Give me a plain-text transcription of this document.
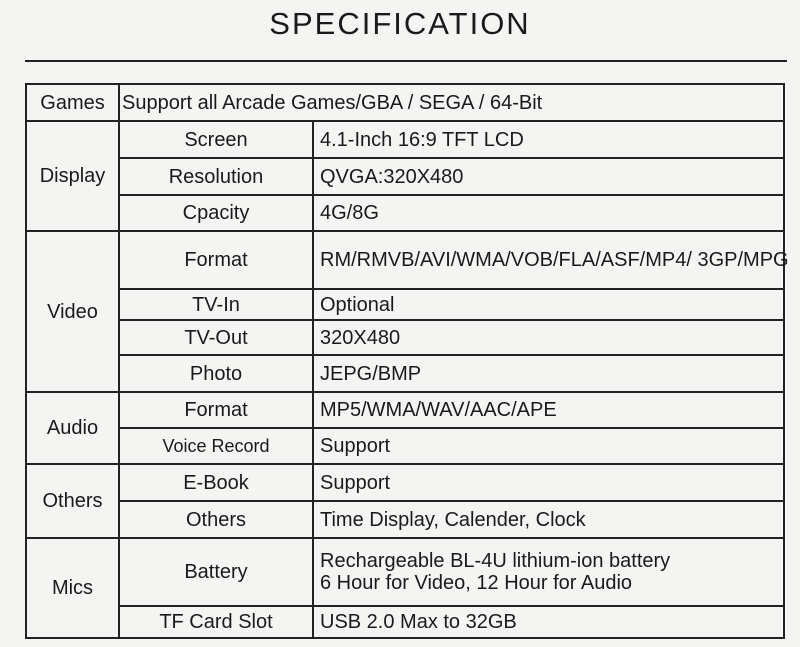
SPECIFICATION
Games	Support all Arcade Games/GBA / SEGA / 64-Bit	
Display	Screen	4.1-Inch 16:9 TFT LCD
	Resolution	QVGA:320X480
	Cpacity	4G/8G
Video	Format	RM/RMVB/AVI/WMA/VOB/FLA/ASF/MP4/ 3GP/MPG
	TV-In	Optional
	TV-Out	320X480
	Photo	JEPG/BMP
Audio	Format	MP5/WMA/WAV/AAC/APE
	Voice Record	Support
Others	E-Book	Support
	Others	Time Display, Calender, Clock
Mics	Battery	Rechargeable BL-4U lithium-ion battery
6 Hour for Video, 12 Hour for Audio

	TF Card Slot	USB 2.0 Max to 32GB
